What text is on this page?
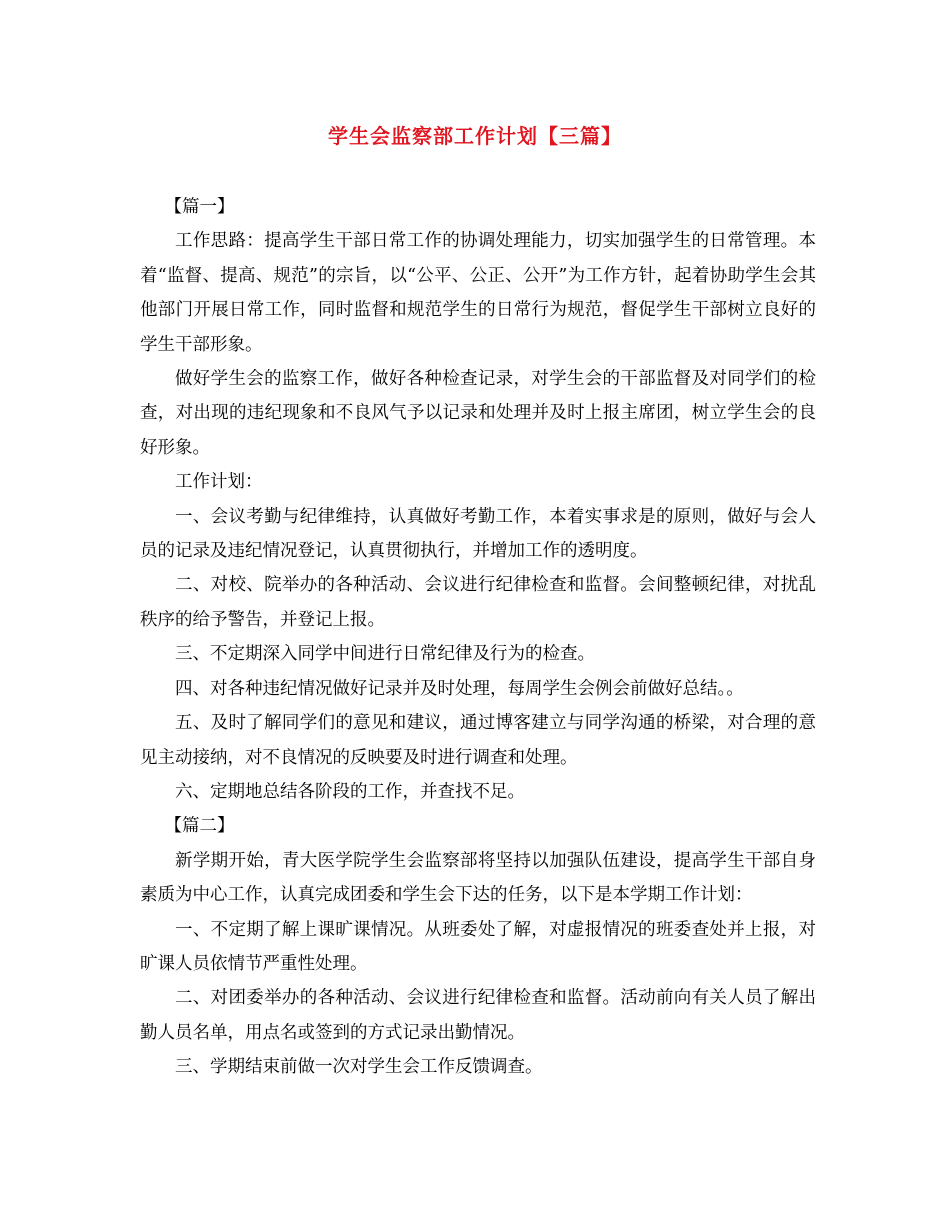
学生会监察部工作计划【三篇】

【篇一】

工作思路：提高学生干部日常工作的协调处理能力，切实加强学生的日常管理。本着“监督、提高、规范”的宗旨，以“公平、公正、公开”为工作方针，起着协助学生会其他部门开展日常工作，同时监督和规范学生的日常行为规范，督促学生干部树立良好的学生干部形象。

做好学生会的监察工作，做好各种检查记录，对学生会的干部监督及对同学们的检查，对出现的违纪现象和不良风气予以记录和处理并及时上报主席团，树立学生会的良好形象。

工作计划：

一、会议考勤与纪律维持，认真做好考勤工作，本着实事求是的原则，做好与会人员的记录及违纪情况登记，认真贯彻执行，并增加工作的透明度。

二、对校、院举办的各种活动、会议进行纪律检查和监督。会间整顿纪律，对扰乱秩序的给予警告，并登记上报。

三、不定期深入同学中间进行日常纪律及行为的检查。

四、对各种违纪情况做好记录并及时处理，每周学生会例会前做好总结。。

五、及时了解同学们的意见和建议，通过博客建立与同学沟通的桥梁，对合理的意见主动接纳，对不良情况的反映要及时进行调查和处理。

六、定期地总结各阶段的工作，并查找不足。

【篇二】

新学期开始，青大医学院学生会监察部将坚持以加强队伍建设，提高学生干部自身素质为中心工作，认真完成团委和学生会下达的任务，以下是本学期工作计划：

一、不定期了解上课旷课情况。从班委处了解，对虚报情况的班委查处并上报，对旷课人员依情节严重性处理。

二、对团委举办的各种活动、会议进行纪律检查和监督。活动前向有关人员了解出勤人员名单，用点名或签到的方式记录出勤情况。

三、学期结束前做一次对学生会工作反馈调查。
